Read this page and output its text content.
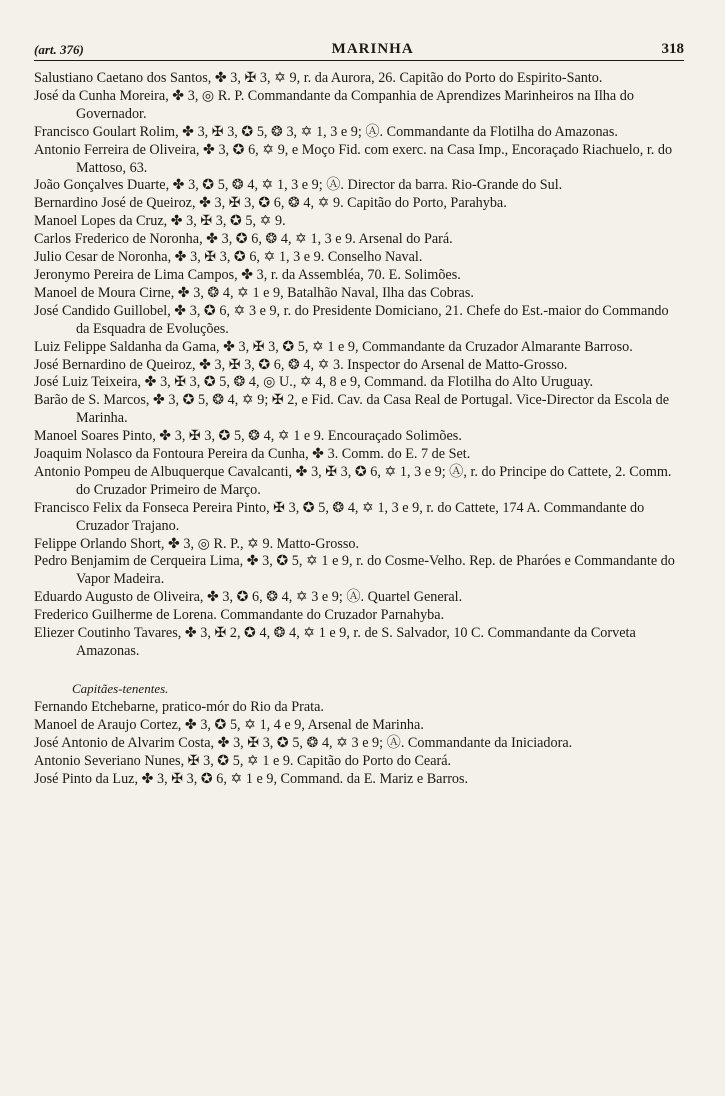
(art. 376)	MARINHA	318
Salustiano Caetano dos Santos, ✤ 3, ✠ 3, ✡ 9, r. da Aurora, 26. Capitão do Porto do Espirito-Santo.
José da Cunha Moreira, ✤ 3, ◎ R. P. Commandante da Companhia de Aprendizes Marinheiros na Ilha do Governador.
Francisco Goulart Rolim, ✤ 3, ✠ 3, ✪ 5, ❂ 3, ✡ 1, 3 e 9; Ⓐ. Commandante da Flotilha do Amazonas.
Antonio Ferreira de Oliveira, ✤ 3, ✪ 6, ✡ 9, e Moço Fid. com exerc. na Casa Imp., Encoraçado Riachuelo, r. do Mattoso, 63.
João Gonçalves Duarte, ✤ 3, ✪ 5, ❂ 4, ✡ 1, 3 e 9; Ⓐ. Director da barra. Rio-Grande do Sul.
Bernardino José de Queiroz, ✤ 3, ✠ 3, ✪ 6, ❂ 4, ✡ 9. Capitão do Porto, Parahyba.
Manoel Lopes da Cruz, ✤ 3, ✠ 3, ✪ 5, ✡ 9.
Carlos Frederico de Noronha, ✤ 3, ✪ 6, ❂ 4, ✡ 1, 3 e 9. Arsenal do Pará.
Julio Cesar de Noronha, ✤ 3, ✠ 3, ✪ 6, ✡ 1, 3 e 9. Conselho Naval.
Jeronymo Pereira de Lima Campos, ✤ 3, r. da Assembléa, 70. E. Solimões.
Manoel de Moura Cirne, ✤ 3, ❂ 4, ✡ 1 e 9, Batalhão Naval, Ilha das Cobras.
José Candido Guillobel, ✤ 3, ✪ 6, ✡ 3 e 9, r. do Presidente Domiciano, 21. Chefe do Est.-maior do Commando da Esquadra de Evoluções.
Luiz Felippe Saldanha da Gama, ✤ 3, ✠ 3, ✪ 5, ✡ 1 e 9, Commandante da Cruzador Almarante Barroso.
José Bernardino de Queiroz, ✤ 3, ✠ 3, ✪ 6, ❂ 4, ✡ 3. Inspector do Arsenal de Matto-Grosso.
José Luiz Teixeira, ✤ 3, ✠ 3, ✪ 5, ❂ 4, ◎ U., ✡ 4, 8 e 9, Command. da Flotilha do Alto Uruguay.
Barão de S. Marcos, ✤ 3, ✪ 5, ❂ 4, ✡ 9; ✠ 2, e Fid. Cav. da Casa Real de Portugal. Vice-Director da Escola de Marinha.
Manoel Soares Pinto, ✤ 3, ✠ 3, ✪ 5, ❂ 4, ✡ 1 e 9. Encouraçado Solimões.
Joaquim Nolasco da Fontoura Pereira da Cunha, ✤ 3. Comm. do E. 7 de Set.
Antonio Pompeu de Albuquerque Cavalcanti, ✤ 3, ✠ 3, ✪ 6, ✡ 1, 3 e 9; Ⓐ, r. do Principe do Cattete, 2. Comm. do Cruzador Primeiro de Março.
Francisco Felix da Fonseca Pereira Pinto, ✠ 3, ✪ 5, ❂ 4, ✡ 1, 3 e 9, r. do Cattete, 174 A. Commandante do Cruzador Trajano.
Felippe Orlando Short, ✤ 3, ◎ R. P., ✡ 9. Matto-Grosso.
Pedro Benjamim de Cerqueira Lima, ✤ 3, ✪ 5, ✡ 1 e 9, r. do Cosme-Velho. Rep. de Pharóes e Commandante do Vapor Madeira.
Eduardo Augusto de Oliveira, ✤ 3, ✪ 6, ❂ 4, ✡ 3 e 9; Ⓐ. Quartel General.
Frederico Guilherme de Lorena. Commandante do Cruzador Parnahyba.
Eliezer Coutinho Tavares, ✤ 3, ✠ 2, ✪ 4, ❂ 4, ✡ 1 e 9, r. de S. Salvador, 10 C. Commandante da Corveta Amazonas.
Capitães-tenentes.
Fernando Etchebarne, pratico-mór do Rio da Prata.
Manoel de Araujo Cortez, ✤ 3, ✪ 5, ✡ 1, 4 e 9, Arsenal de Marinha.
José Antonio de Alvarim Costa, ✤ 3, ✠ 3, ✪ 5, ❂ 4, ✡ 3 e 9; Ⓐ. Commandante da Iniciadora.
Antonio Severiano Nunes, ✠ 3, ✪ 5, ✡ 1 e 9. Capitão do Porto do Ceará.
José Pinto da Luz, ✤ 3, ✠ 3, ✪ 6, ✡ 1 e 9, Command. da E. Mariz e Barros.
